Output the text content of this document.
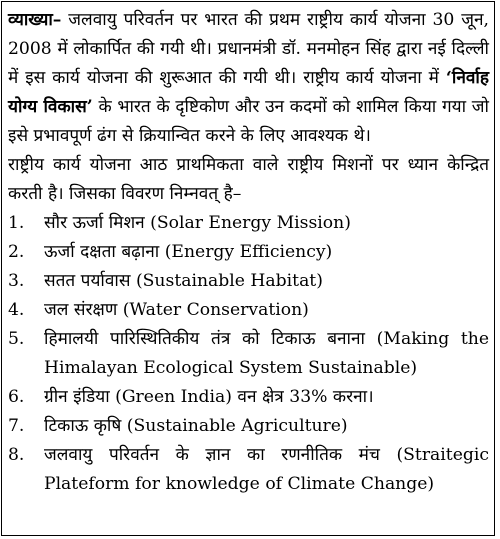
व्याख्या– जलवायु परिवर्तन पर भारत की प्रथम राष्ट्रीय कार्य योजना 30 जून, 2008 में लोकार्पित की गयी थी। प्रधानमंत्री डॉ. मनमोहन सिंह द्वारा नई दिल्ली में इस कार्य योजना की शुरूआत की गयी थी। राष्ट्रीय कार्य योजना में ‘निर्वाह योग्य विकास’ के भारत के दृष्टिकोण और उन कदमों को शामिल किया गया जो इसे प्रभावपूर्ण ढंग से क्रियान्वित करने के लिए आवश्यक थे।

राष्ट्रीय कार्य योजना आठ प्राथमिकता वाले राष्ट्रीय मिशनों पर ध्यान केन्द्रित करती है। जिसका विवरण निम्नवत् है–

1.	सौर ऊर्जा मिशन (Solar Energy Mission)
2.	ऊर्जा दक्षता बढ़ाना (Energy Efficiency)
3.	सतत पर्यावास (Sustainable Habitat)
4.	जल संरक्षण (Water Conservation)
5.	हिमालयी पारिस्थितिकीय तंत्र को टिकाऊ बनाना (Making the Himalayan Ecological System Sustainable)
6.	ग्रीन इंडिया (Green India) वन क्षेत्र 33% करना।
7.	टिकाऊ कृषि (Sustainable Agriculture)
8.	जलवायु परिवर्तन के ज्ञान का रणनीतिक मंच (Straitegic Plateform for knowledge of Climate Change)
